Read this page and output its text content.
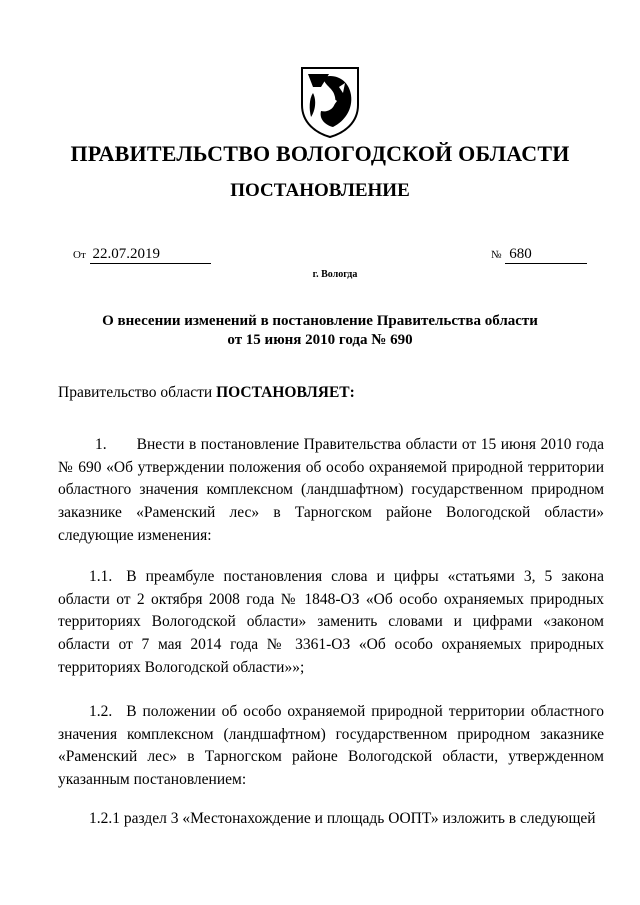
ПРАВИТЕЛЬСТВО ВОЛОГОДСКОЙ ОБЛАСТИ
ПОСТАНОВЛЕНИЕ
От 22.07.2019	№ 680
г. Вологда
О внесении изменений в постановление Правительства области
от 15 июня 2010 года № 690
Правительство области ПОСТАНОВЛЯЕТ:

1. Внести в постановление Правительства области от 15 июня 2010 года № 690 «Об утверждении положения об особо охраняемой природной территории областного значения комплексном (ландшафтном) государственном природном заказнике «Раменский лес» в Тарногском районе Вологодской области» следующие изменения:

1.1. В преамбуле постановления слова и цифры «статьями 3, 5 закона области от 2 октября 2008 года № 1848-ОЗ «Об особо охраняемых природных территориях Вологодской области» заменить словами и цифрами «законом области от 7 мая 2014 года № 3361-ОЗ «Об особо охраняемых природных территориях Вологодской области»»;

1.2. В положении об особо охраняемой природной территории областного значения комплексном (ландшафтном) государственном природном заказнике «Раменский лес» в Тарногском районе Вологодской области, утвержденном указанным постановлением:

1.2.1 раздел 3 «Местонахождение и площадь ООПТ» изложить в следующей
